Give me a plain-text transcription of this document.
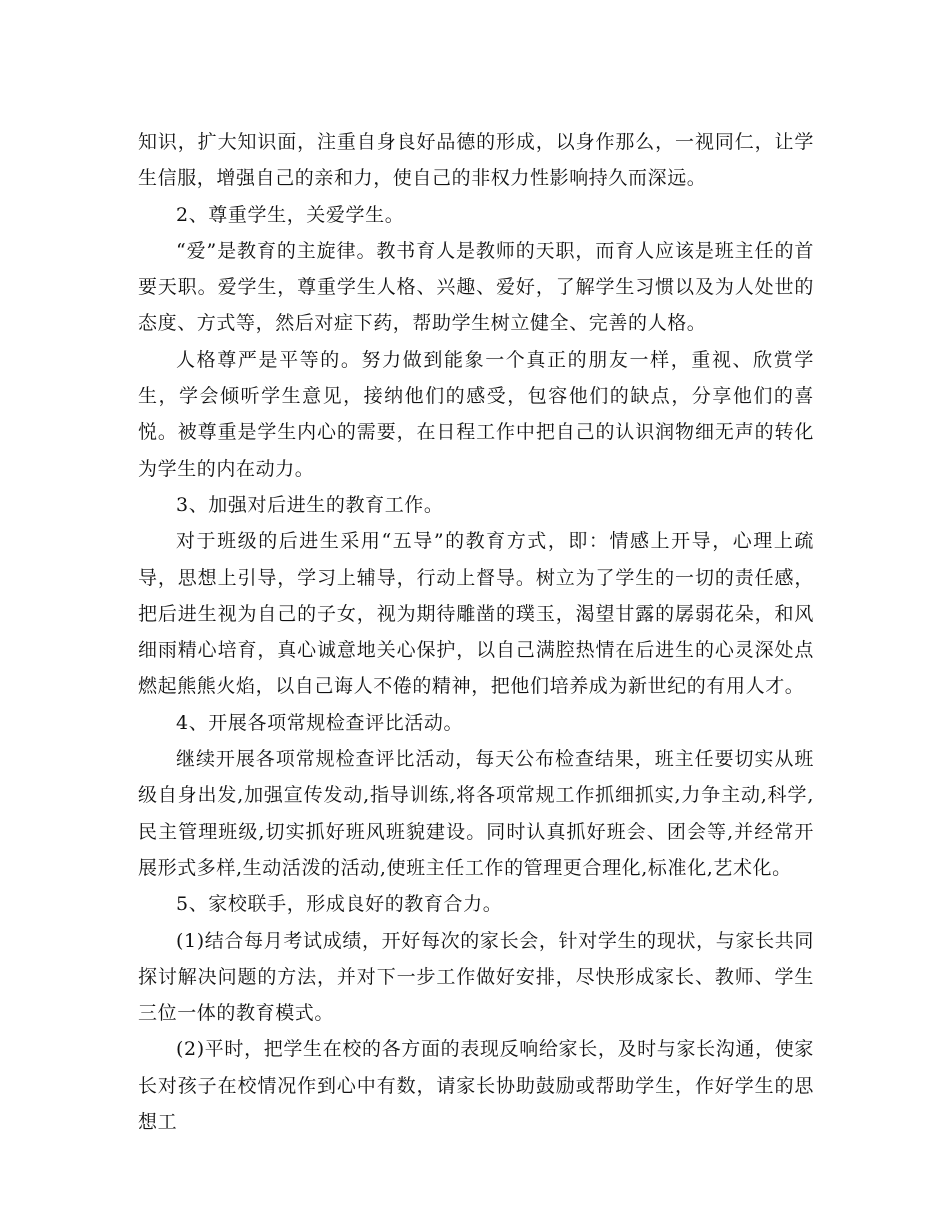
知识，扩大知识面，注重自身良好品德的形成，以身作那么，一视同仁，让学生信服，增强自己的亲和力，使自己的非权力性影响持久而深远。

2、尊重学生，关爱学生。

“爱”是教育的主旋律。教书育人是教师的天职，而育人应该是班主任的首要天职。爱学生，尊重学生人格、兴趣、爱好，了解学生习惯以及为人处世的态度、方式等，然后对症下药，帮助学生树立健全、完善的人格。

人格尊严是平等的。努力做到能象一个真正的朋友一样，重视、欣赏学生，学会倾听学生意见，接纳他们的感受，包容他们的缺点，分享他们的喜悦。被尊重是学生内心的需要，在日程工作中把自己的认识润物细无声的转化为学生的内在动力。

3、加强对后进生的教育工作。

对于班级的后进生采用“五导”的教育方式，即：情感上开导，心理上疏导，思想上引导，学习上辅导，行动上督导。树立为了学生的一切的责任感，把后进生视为自己的子女，视为期待雕凿的璞玉，渴望甘露的孱弱花朵，和风细雨精心培育，真心诚意地关心保护，以自己满腔热情在后进生的心灵深处点燃起熊熊火焰，以自己诲人不倦的精神，把他们培养成为新世纪的有用人才。

4、开展各项常规检查评比活动。

继续开展各项常规检查评比活动，每天公布检查结果，班主任要切实从班级自身出发,加强宣传发动,指导训练,将各项常规工作抓细抓实,力争主动,科学, 民主管理班级,切实抓好班风班貌建设。同时认真抓好班会、团会等,并经常开展形式多样,生动活泼的活动,使班主任工作的管理更合理化,标准化,艺术化。

5、家校联手，形成良好的教育合力。

(1)结合每月考试成绩，开好每次的家长会，针对学生的现状，与家长共同探讨解决问题的方法，并对下一步工作做好安排，尽快形成家长、教师、学生三位一体的教育模式。

(2)平时，把学生在校的各方面的表现反响给家长，及时与家长沟通，使家长对孩子在校情况作到心中有数，请家长协助鼓励或帮助学生，作好学生的思想工
